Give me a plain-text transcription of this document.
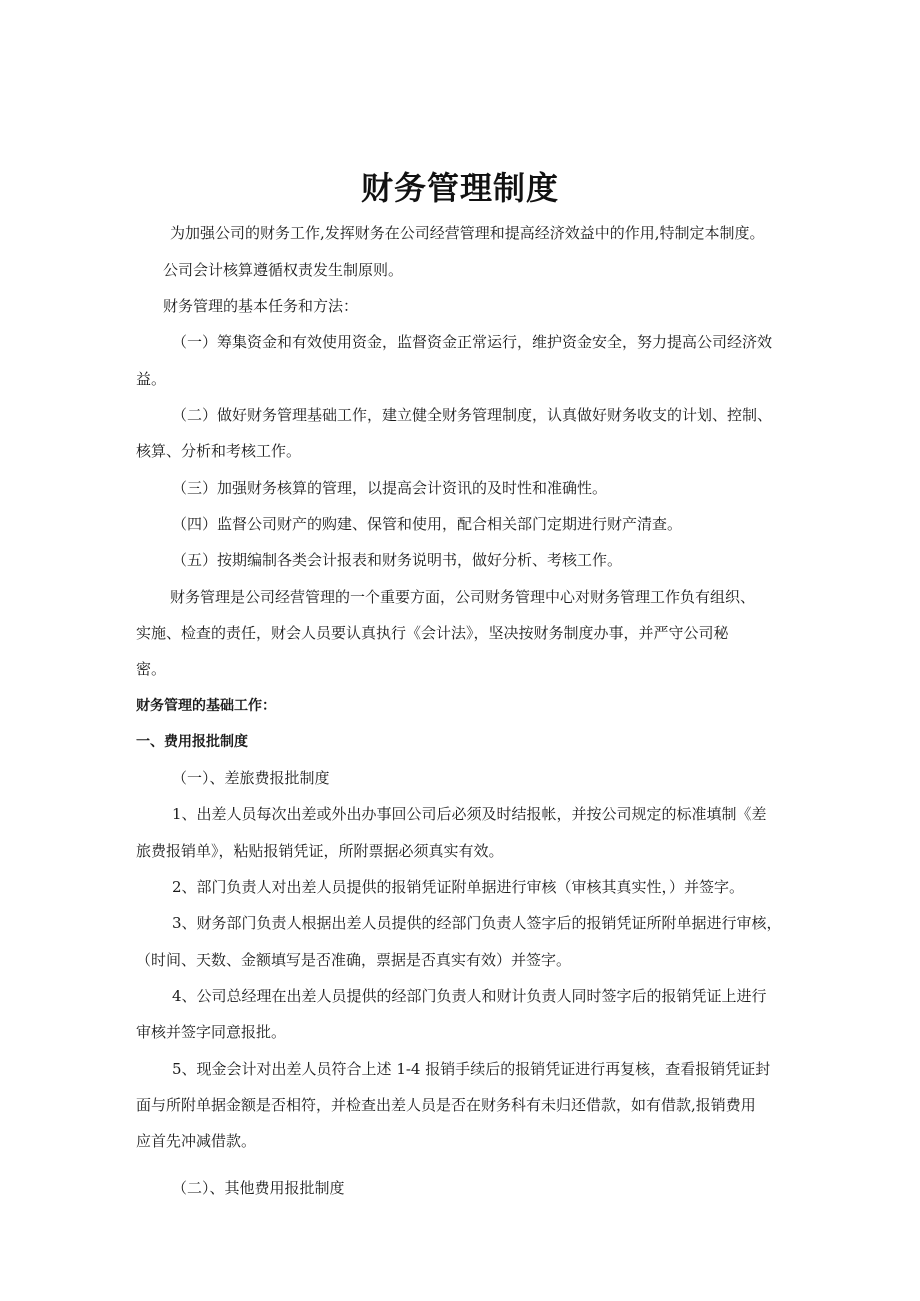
财务管理制度

为加强公司的财务工作,发挥财务在公司经营管理和提高经济效益中的作用,特制定本制度。

公司会计核算遵循权责发生制原则。

财务管理的基本任务和方法：

（一）筹集资金和有效使用资金，监督资金正常运行，维护资金安全，努力提高公司经济效

益。

（二）做好财务管理基础工作，建立健全财务管理制度，认真做好财务收支的计划、控制、

核算、分析和考核工作。

（三）加强财务核算的管理，以提高会计资讯的及时性和准确性。

（四）监督公司财产的购建、保管和使用，配合相关部门定期进行财产清查。

（五）按期编制各类会计报表和财务说明书，做好分析、考核工作。

财务管理是公司经营管理的一个重要方面，公司财务管理中心对财务管理工作负有组织、

实施、检查的责任，财会人员要认真执行《会计法》，坚决按财务制度办事，并严守公司秘

密。

财务管理的基础工作：

一、费用报批制度

（一）、差旅费报批制度

1、出差人员每次出差或外出办事回公司后必须及时结报帐，并按公司规定的标准填制《差

旅费报销单》，粘贴报销凭证，所附票据必须真实有效。

2、部门负责人对出差人员提供的报销凭证附单据进行审核（审核其真实性，）并签字。

3、财务部门负责人根据出差人员提供的经部门负责人签字后的报销凭证所附单据进行审核，

（时间、天数、金额填写是否准确，票据是否真实有效）并签字。

4、公司总经理在出差人员提供的经部门负责人和财计负责人同时签字后的报销凭证上进行

审核并签字同意报批。

5、现金会计对出差人员符合上述 1-4 报销手续后的报销凭证进行再复核，查看报销凭证封

面与所附单据金额是否相符，并检查出差人员是否在财务科有未归还借款，如有借款,报销费用

应首先冲减借款。

（二）、其他费用报批制度
